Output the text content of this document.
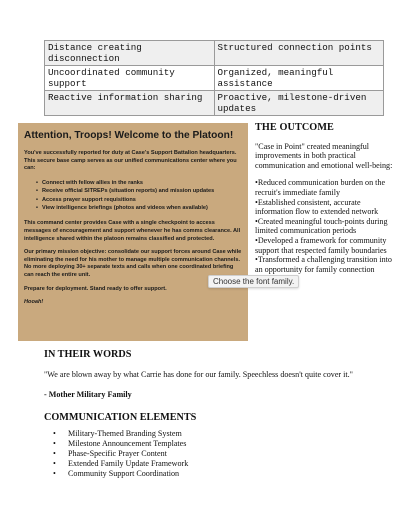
Distance creating disconnection	Structured connection points
Uncoordinated community support	Organized, meaningful assistance
Reactive information sharing	Proactive, milestone-driven updates
Attention, Troops! Welcome to the Platoon!

You've successfully reported for duty at Case's Support Battalion headquarters. This secure base camp serves as our unified communications center where you can:

• Connect with fellow allies in the ranks
• Receive official SITREPs (situation reports) and mission updates
• Access prayer support requisitions
• View intelligence briefings (photos and videos when available)

This command center provides Case with a single checkpoint to access messages of encouragement and support whenever he has comms clearance. All intelligence shared within the platoon remains classified and protected.

Our primary mission objective: consolidate our support forces around Case while eliminating the need for his mother to manage multiple communication channels. No more deploying 30+ separate texts and calls when one coordinated briefing can reach the entire unit.

Prepare for deployment. Stand ready to offer support.

Hooah!

THE OUTCOME

"Case in Point" created meaningful improvements in both practical communication and emotional well-being:

•Reduced communication burden on the recruit's immediate family

•Established consistent, accurate information flow to extended network

•Created meaningful touch-points during limited communication periods

•Developed a framework for community support that respected family boundaries

•Transformed a challenging transition into an opportunity for family connection

Choose the font family.
IN THEIR WORDS

"We are blown away by what Carrie has done for our family. Speechless doesn't quite cover it."

- Mother Military Family

COMMUNICATION ELEMENTS
• Military-Themed Branding System
• Milestone Announcement Templates
• Phase-Specific Prayer Content
• Extended Family Update Framework
• Community Support Coordination
